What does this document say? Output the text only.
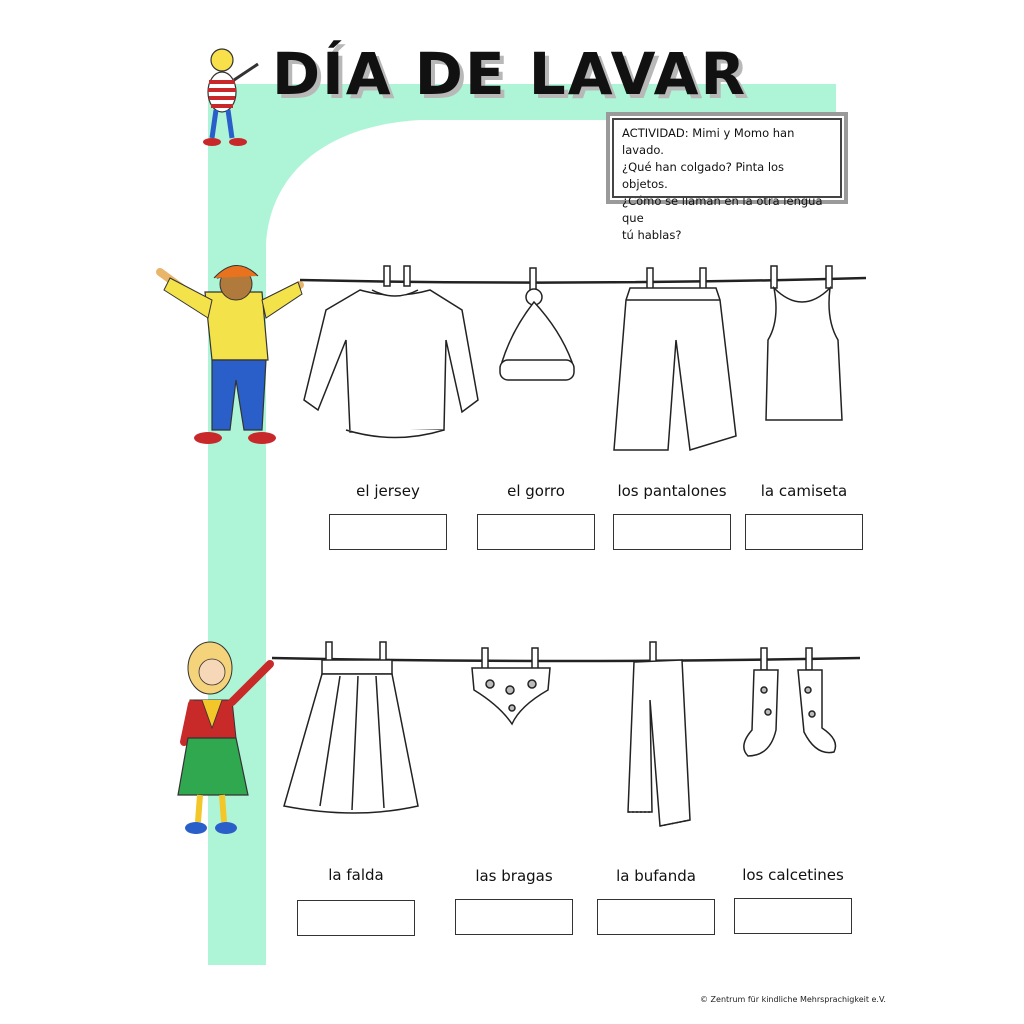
DÍA DE LAVAR
ACTIVIDAD: Mimi y Momo han lavado.
¿Qué han colgado? Pinta los objetos.
¿Cómo se llaman en la otra lengua que
tú hablas?
el jersey	el gorro	los pantalones	la camiseta
la falda	las bragas	la bufanda	los calcetines
© Zentrum für kindliche Mehrsprachigkeit e.V.
